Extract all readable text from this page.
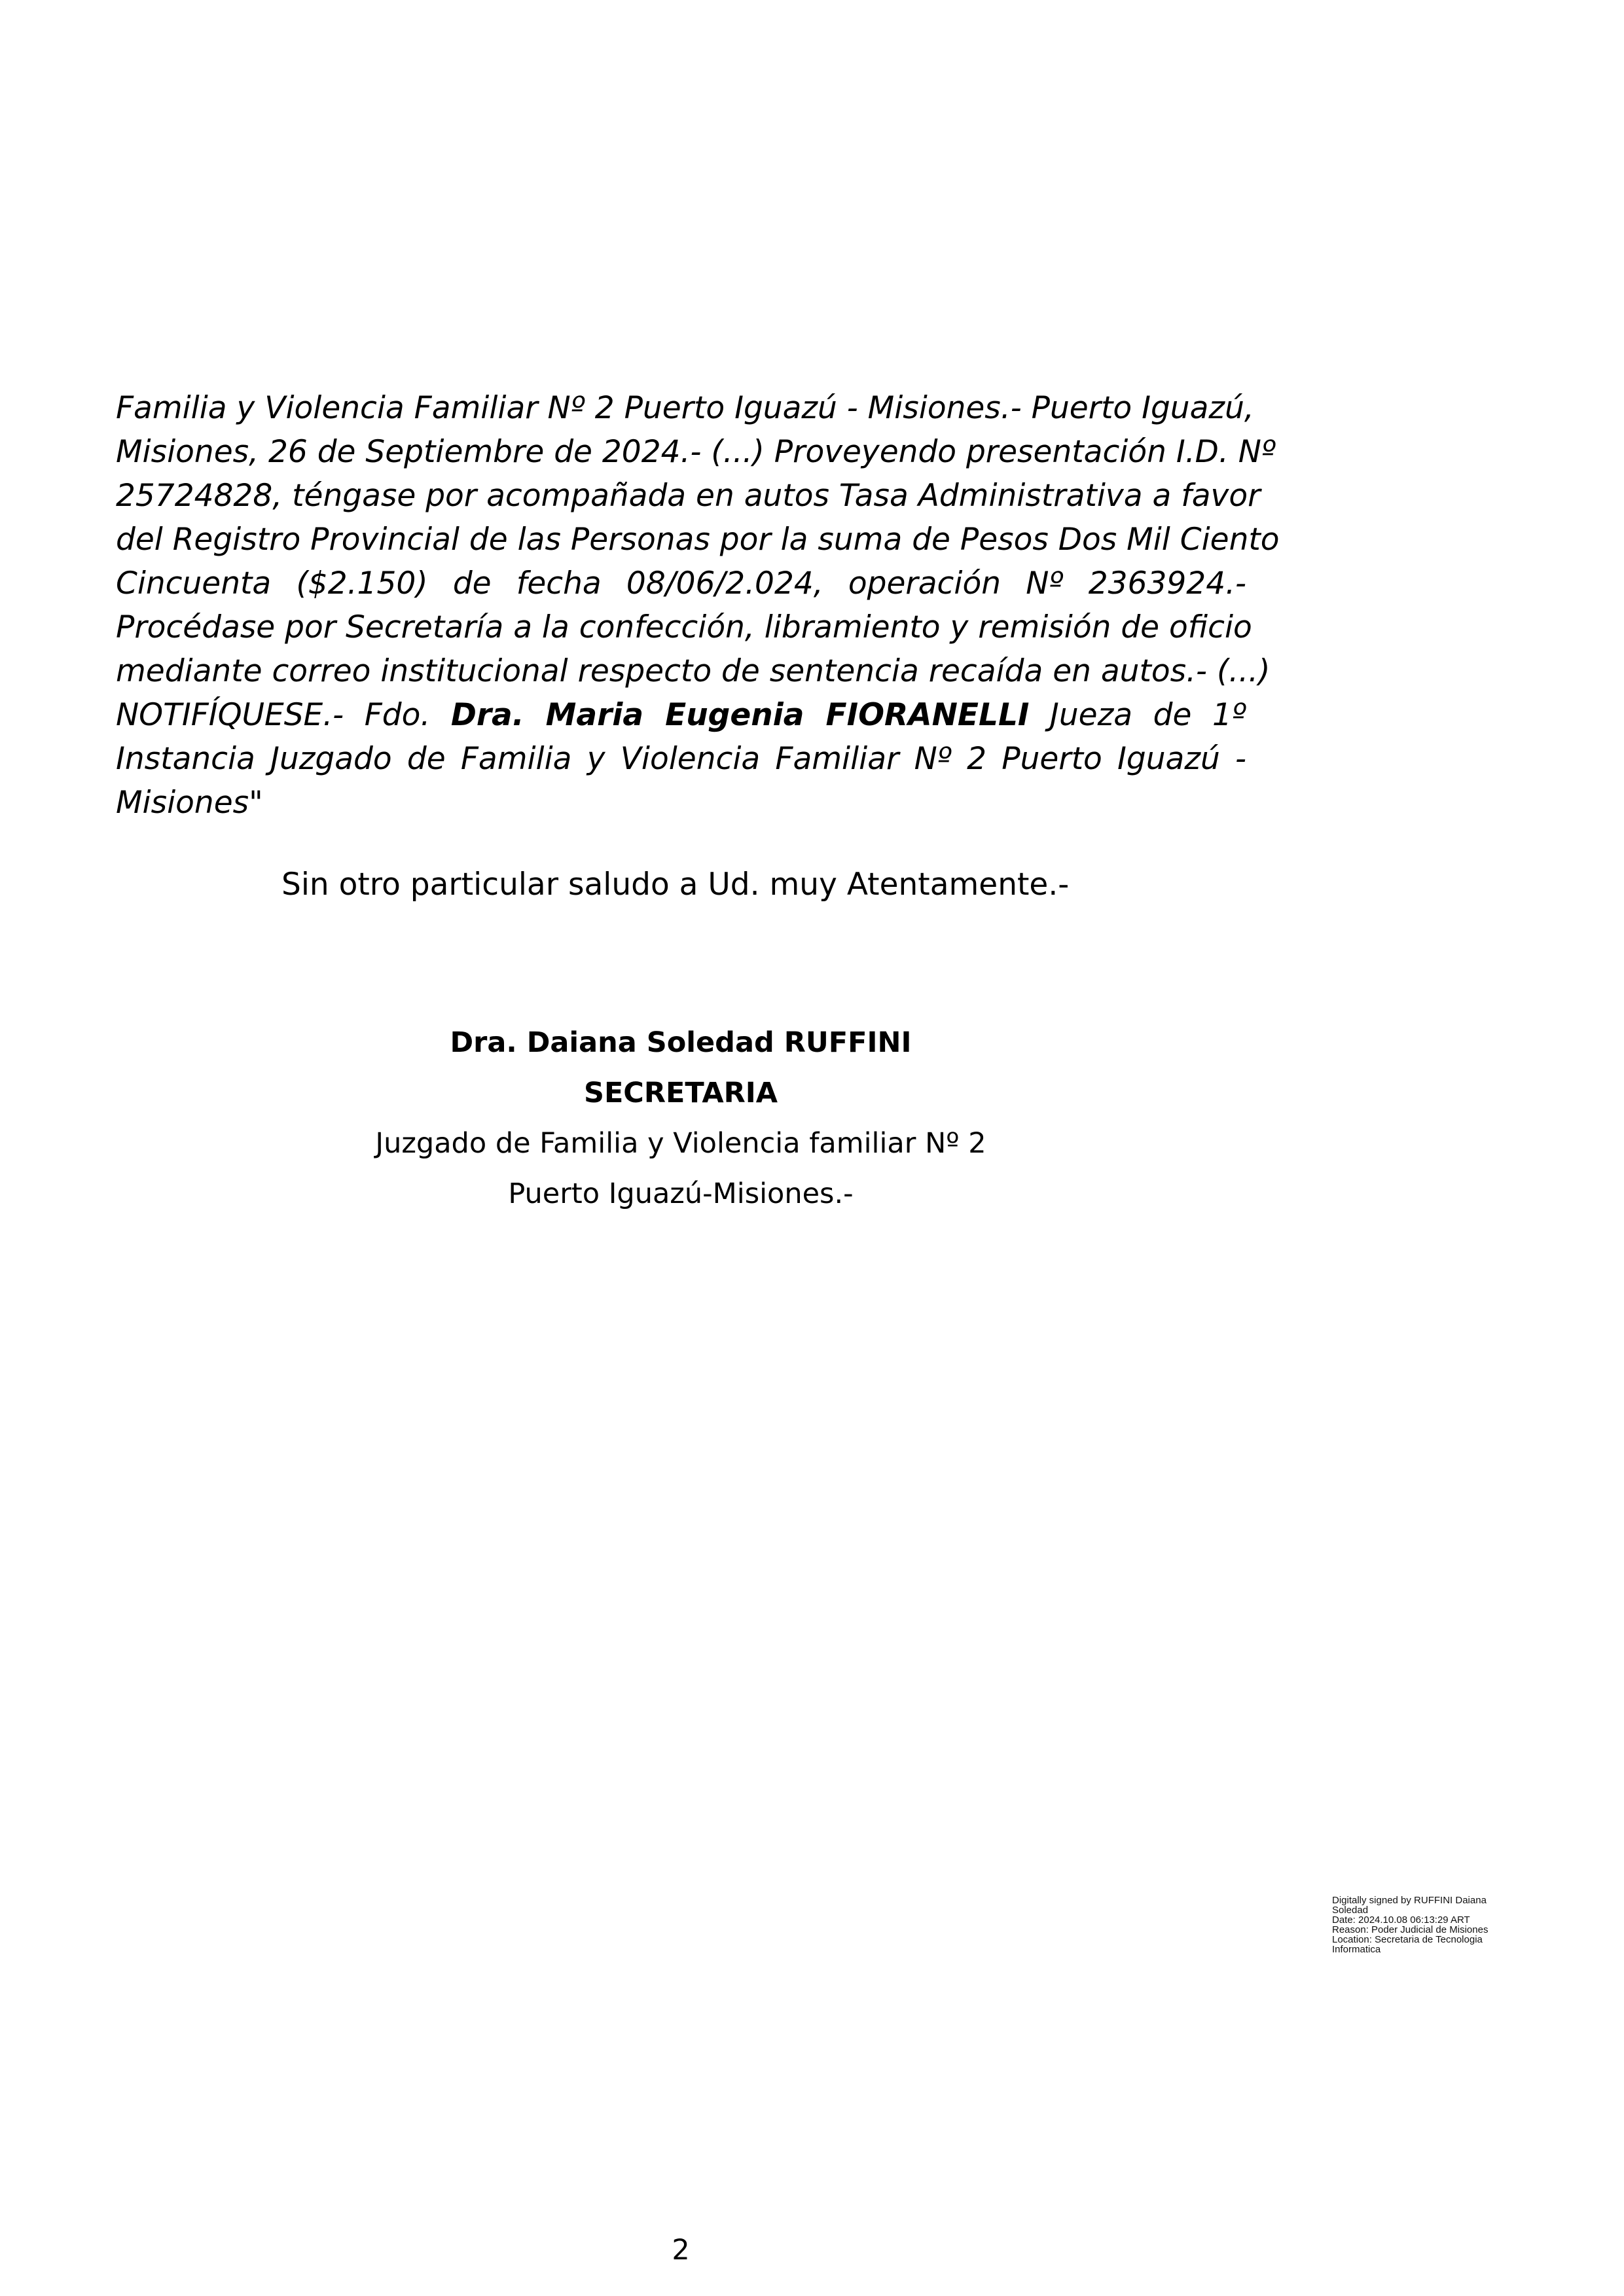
Familia y Violencia Familiar Nº 2 Puerto Iguazú - Misiones.- Puerto Iguazú,
Misiones, 26 de Septiembre de 2024.- (...) Proveyendo presentación I.D. Nº
25724828, téngase por acompañada en autos Tasa Administrativa a favor
del Registro Provincial de las Personas por la suma de Pesos Dos Mil Ciento
Cincuenta ($2.150) de fecha 08/06/2.024, operación Nº 2363924.-
Procédase por Secretaría a la confección, libramiento y remisión de oficio
mediante correo institucional respecto de sentencia recaída en autos.- (...)
NOTIFÍQUESE.- Fdo. Dra. Maria Eugenia FIORANELLI Jueza de 1º
Instancia Juzgado de Familia y Violencia Familiar Nº 2 Puerto Iguazú -
Misiones"
Sin otro particular saludo a Ud. muy Atentamente.-
Dra. Daiana Soledad RUFFINI
SECRETARIA
Juzgado de Familia y Violencia familiar Nº 2
Puerto Iguazú-Misiones.-
Digitally signed by RUFFINI Daiana Soledad
Date: 2024.10.08 06:13:29 ART
Reason: Poder Judicial de Misiones
Location: Secretaria de Tecnologia Informatica
2
